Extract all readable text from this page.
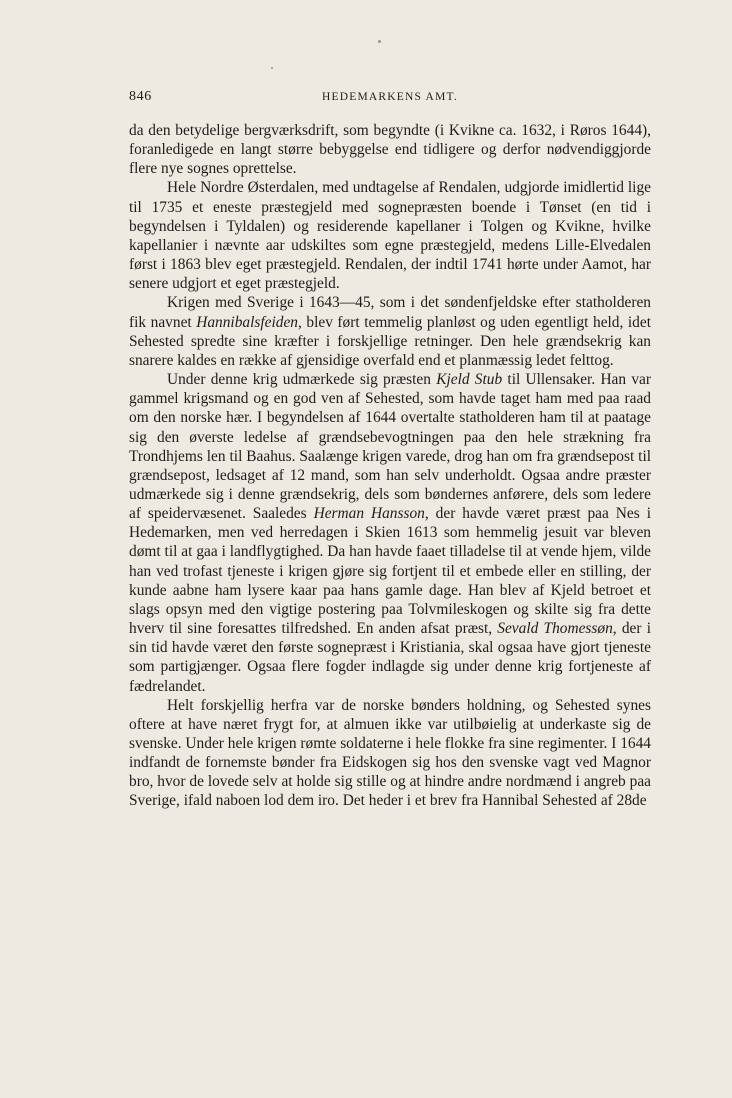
846	HEDEMARKENS AMT.

da den betydelige bergværksdrift, som begyndte (i Kvikne ca. 1632, i Røros 1644), foranledigede en langt større bebyggelse end tidligere og derfor nødvendiggjorde flere nye sognes oprettelse.

Hele Nordre Østerdalen, med undtagelse af Rendalen, udgjorde imidlertid lige til 1735 et eneste præstegjeld med sognepræsten boende i Tønset (en tid i begyndelsen i Tyldalen) og residerende kapellaner i Tolgen og Kvikne, hvilke kapellanier i nævnte aar udskiltes som egne præstegjeld, medens Lille-Elvedalen først i 1863 blev eget præstegjeld. Rendalen, der indtil 1741 hørte under Aamot, har senere udgjort et eget præstegjeld.

Krigen med Sverige i 1643—45, som i det søndenfjeldske efter statholderen fik navnet Hannibalsfeiden, blev ført temmelig planløst og uden egentligt held, idet Sehested spredte sine kræfter i forskjellige retninger. Den hele grændsekrig kan snarere kaldes en række af gjensidige overfald end et planmæssig ledet felttog.

Under denne krig udmærkede sig præsten Kjeld Stub til Ullensaker. Han var gammel krigsmand og en god ven af Sehested, som havde taget ham med paa raad om den norske hær. I begyndelsen af 1644 overtalte statholderen ham til at paatage sig den øverste ledelse af grændsebevogtningen paa den hele strækning fra Trondhjems len til Baahus. Saalænge krigen varede, drog han om fra grændsepost til grændsepost, ledsaget af 12 mand, som han selv underholdt. Ogsaa andre præster udmærkede sig i denne grændsekrig, dels som bøndernes anførere, dels som ledere af speidervæsenet. Saaledes Herman Hansson, der havde været præst paa Nes i Hedemarken, men ved herredagen i Skien 1613 som hemmelig jesuit var bleven dømt til at gaa i landflygtighed. Da han havde faaet tilladelse til at vende hjem, vilde han ved trofast tjeneste i krigen gjøre sig fortjent til et embede eller en stilling, der kunde aabne ham lysere kaar paa hans gamle dage. Han blev af Kjeld betroet et slags opsyn med den vigtige postering paa Tolvmileskogen og skilte sig fra dette hverv til sine foresattes tilfredshed. En anden afsat præst, Sevald Thomessøn, der i sin tid havde været den første sognepræst i Kristiania, skal ogsaa have gjort tjeneste som partigjænger. Ogsaa flere fogder indlagde sig under denne krig fortjeneste af fædrelandet.

Helt forskjellig herfra var de norske bønders holdning, og Sehested synes oftere at have næret frygt for, at almuen ikke var utilbøielig at underkaste sig de svenske. Under hele krigen rømte soldaterne i hele flokke fra sine regimenter. I 1644 indfandt de fornemste bønder fra Eidskogen sig hos den svenske vagt ved Magnor bro, hvor de lovede selv at holde sig stille og at hindre andre nordmænd i angreb paa Sverige, ifald naboen lod dem iro. Det heder i et brev fra Hannibal Sehested af 28de
